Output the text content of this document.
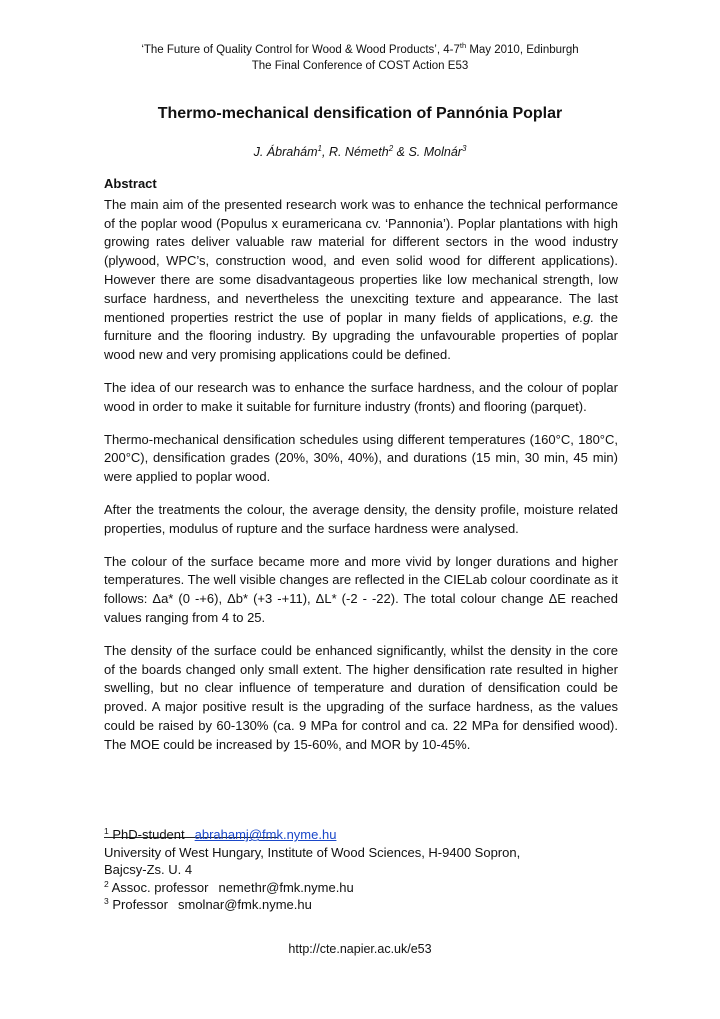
‘The Future of Quality Control for Wood & Wood Products’, 4-7th May 2010, Edinburgh
The Final Conference of COST Action E53
Thermo-mechanical densification of Pannónia Poplar
J. Ábrahám$^1$, R. Németh$^2$ & S. Molnár$^3$
Abstract

The main aim of the presented research work was to enhance the technical performance of the poplar wood (Populus x euramericana cv. ‘Pannonia’). Poplar plantations with high growing rates deliver valuable raw material for different sectors in the wood industry (plywood, WPC’s, construction wood, and even solid wood for different applications). However there are some disadvantageous properties like low mechanical strength, low surface hardness, and nevertheless the unexciting texture and appearance. The last mentioned properties restrict the use of poplar in many fields of applications, e.g. the furniture and the flooring industry. By upgrading the unfavourable properties of poplar wood new and very promising applications could be defined.

The idea of our research was to enhance the surface hardness, and the colour of poplar wood in order to make it suitable for furniture industry (fronts) and flooring (parquet).

Thermo-mechanical densification schedules using different temperatures (160°C, 180°C, 200°C), densification grades (20%, 30%, 40%), and durations (15 min, 30 min, 45 min) were applied to poplar wood.

After the treatments the colour, the average density, the density profile, moisture related properties, modulus of rupture and the surface hardness were analysed.

The colour of the surface became more and more vivid by longer durations and higher temperatures. The well visible changes are reflected in the CIELab colour coordinate as it follows: Δa* (0 -+6), Δb* (+3 -+11), ΔL* (-2 - -22). The total colour change ΔE reached values ranging from 4 to 25.

The density of the surface could be enhanced significantly, whilst the density in the core of the boards changed only small extent. The higher densification rate resulted in higher swelling, but no clear influence of temperature and duration of densification could be proved. A major positive result is the upgrading of the surface hardness, as the values could be raised by 60-130% (ca. 9 MPa for control and ca. 22 MPa for densified wood). The MOE could be increased by 15-60%, and MOR by 10-45%.

$^1$ PhD-student abrahamj@fmk.nyme.hu

University of West Hungary, Institute of Wood Sciences, H-9400 Sopron,

Bajcsy-Zs. U. 4

$^2$ Assoc. professor nemethr@fmk.nyme.hu

$^3$ Professor smolnar@fmk.nyme.hu

http://cte.napier.ac.uk/e53
